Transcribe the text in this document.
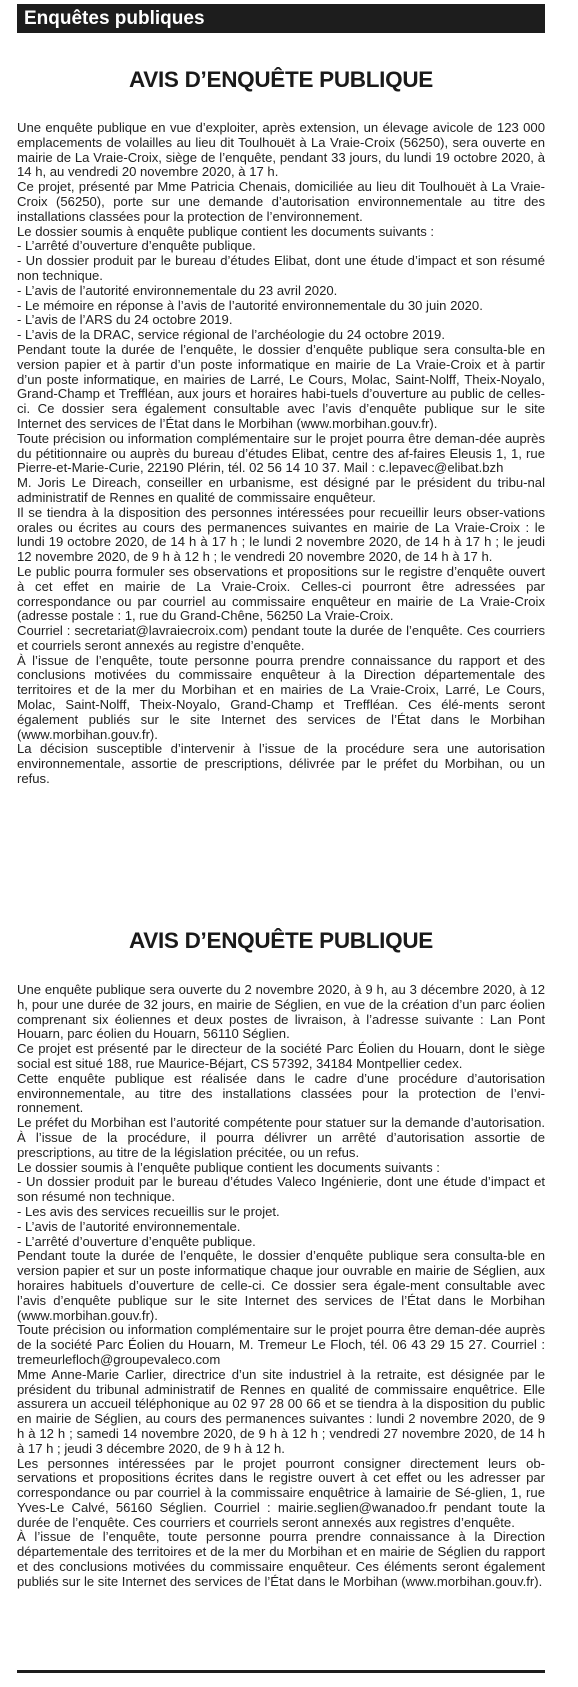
Enquêtes publiques
AVIS D’ENQUÊTE PUBLIQUE

Une enquête publique en vue d’exploiter, après extension, un élevage avicole de 123 000 emplacements de volailles au lieu dit Toulhouët à La Vraie-Croix (56250), sera ouverte en mairie de La Vraie-Croix, siège de l’enquête, pendant 33 jours, du lundi 19 octobre 2020, à 14 h, au vendredi 20 novembre 2020, à 17 h.

Ce projet, présenté par Mme Patricia Chenais, domiciliée au lieu dit Toulhouët à La Vraie-Croix (56250), porte sur une demande d’autorisation environnementale au titre des installations classées pour la protection de l’environnement.

Le dossier soumis à enquête publique contient les documents suivants :

- L’arrêté d’ouverture d’enquête publique.

- Un dossier produit par le bureau d’études Elibat, dont une étude d’impact et son résumé non technique.

- L’avis de l’autorité environnementale du 23 avril 2020.

- Le mémoire en réponse à l’avis de l’autorité environnementale du 30 juin 2020.

- L’avis de l’ARS du 24 octobre 2019.

- L’avis de la DRAC, service régional de l’archéologie du 24 octobre 2019.

Pendant toute la durée de l’enquête, le dossier d’enquête publique sera consulta-ble en version papier et à partir d’un poste informatique en mairie de La Vraie-Croix et à partir d’un poste informatique, en mairies de Larré, Le Cours, Molac, Saint-Nolff, Theix-Noyalo, Grand-Champ et Treffléan, aux jours et horaires habi-tuels d’ouverture au public de celles-ci. Ce dossier sera également consultable avec l’avis d’enquête publique sur le site Internet des services de l’État dans le Morbihan (www.morbihan.gouv.fr).

Toute précision ou information complémentaire sur le projet pourra être deman-dée auprès du pétitionnaire ou auprès du bureau d’études Elibat, centre des af-faires Eleusis 1, 1, rue Pierre-et-Marie-Curie, 22190 Plérin, tél. 02 56 14 10 37. Mail : c.lepavec@elibat.bzh

M. Joris Le Direach, conseiller en urbanisme, est désigné par le président du tribu-nal administratif de Rennes en qualité de commissaire enquêteur.

Il se tiendra à la disposition des personnes intéressées pour recueillir leurs obser-vations orales ou écrites au cours des permanences suivantes en mairie de La Vraie-Croix : le lundi 19 octobre 2020, de 14 h à 17 h ; le lundi 2 novembre 2020, de 14 h à 17 h ; le jeudi 12 novembre 2020, de 9 h à 12 h ; le vendredi 20 novembre 2020, de 14 h à 17 h.

Le public pourra formuler ses observations et propositions sur le registre d’enquête ouvert à cet effet en mairie de La Vraie-Croix. Celles-ci pourront être adressées par correspondance ou par courriel au commissaire enquêteur en mairie de La Vraie-Croix (adresse postale : 1, rue du Grand-Chêne, 56250 La Vraie-Croix.

Courriel : secretariat@lavraiecroix.com) pendant toute la durée de l’enquête. Ces courriers et courriels seront annexés au registre d’enquête.

À l’issue de l’enquête, toute personne pourra prendre connaissance du rapport et des conclusions motivées du commissaire enquêteur à la Direction départementale des territoires et de la mer du Morbihan et en mairies de La Vraie-Croix, Larré, Le Cours, Molac, Saint-Nolff, Theix-Noyalo, Grand-Champ et Treffléan. Ces élé-ments seront également publiés sur le site Internet des services de l’État dans le Morbihan (www.morbihan.gouv.fr).

La décision susceptible d’intervenir à l’issue de la procédure sera une autorisation environnementale, assortie de prescriptions, délivrée par le préfet du Morbihan, ou un refus.

AVIS D’ENQUÊTE PUBLIQUE

Une enquête publique sera ouverte du 2 novembre 2020, à 9 h, au 3 décembre 2020, à 12 h, pour une durée de 32 jours, en mairie de Séglien, en vue de la création d’un parc éolien comprenant six éoliennes et deux postes de livraison, à l’adresse suivante : Lan Pont Houarn, parc éolien du Houarn, 56110 Séglien.

Ce projet est présenté par le directeur de la société Parc Éolien du Houarn, dont le siège social est situé 188, rue Maurice-Béjart, CS 57392, 34184 Montpellier cedex.

Cette enquête publique est réalisée dans le cadre d’une procédure d’autorisation environnementale, au titre des installations classées pour la protection de l’envi-ronnement.

Le préfet du Morbihan est l’autorité compétente pour statuer sur la demande d’autorisation. À l’issue de la procédure, il pourra délivrer un arrêté d’autorisation assortie de prescriptions, au titre de la législation précitée, ou un refus.

Le dossier soumis à l’enquête publique contient les documents suivants :

- Un dossier produit par le bureau d’études Valeco Ingénierie, dont une étude d’impact et son résumé non technique.

- Les avis des services recueillis sur le projet.

- L’avis de l’autorité environnementale.

- L’arrêté d’ouverture d’enquête publique.

Pendant toute la durée de l’enquête, le dossier d’enquête publique sera consulta-ble en version papier et sur un poste informatique chaque jour ouvrable en mairie de Séglien, aux horaires habituels d’ouverture de celle-ci. Ce dossier sera égale-ment consultable avec l’avis d’enquête publique sur le site Internet des services de l’État dans le Morbihan (www.morbihan.gouv.fr).

Toute précision ou information complémentaire sur le projet pourra être deman-dée auprès de la société Parc Éolien du Houarn, M. Tremeur Le Floch, tél. 06 43 29 15 27. Courriel : tremeurlefloch@groupevaleco.com

Mme Anne-Marie Carlier, directrice d’un site industriel à la retraite, est désignée par le président du tribunal administratif de Rennes en qualité de commissaire enquêtrice. Elle assurera un accueil téléphonique au 02 97 28 00 66 et se tiendra à la disposition du public en mairie de Séglien, au cours des permanences suivantes : lundi 2 novembre 2020, de 9 h à 12 h ; samedi 14 novembre 2020, de 9 h à 12 h ; vendredi 27 novembre 2020, de 14 h à 17 h ; jeudi 3 décembre 2020, de 9 h à 12 h.

Les personnes intéressées par le projet pourront consigner directement leurs ob-servations et propositions écrites dans le registre ouvert à cet effet ou les adresser par correspondance ou par courriel à la commissaire enquêtrice à lamairie de Sé-glien, 1, rue Yves-Le Calvé, 56160 Séglien. Courriel : mairie.seglien@wanadoo.fr pendant toute la durée de l’enquête. Ces courriers et courriels seront annexés aux registres d’enquête.

À l’issue de l’enquête, toute personne pourra prendre connaissance à la Direction départementale des territoires et de la mer du Morbihan et en mairie de Séglien du rapport et des conclusions motivées du commissaire enquêteur. Ces éléments seront également publiés sur le site Internet des services de l’État dans le Morbihan (www.morbihan.gouv.fr).
